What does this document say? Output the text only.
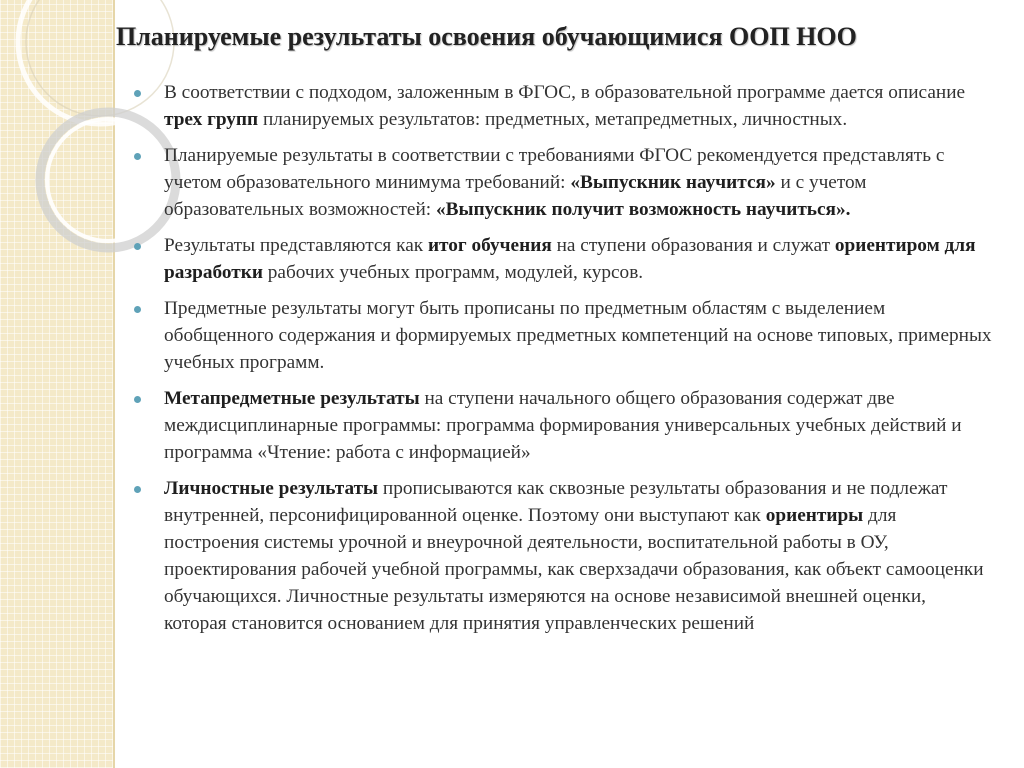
Планируемые результаты освоения обучающимися ООП НОО
В соответствии с подходом, заложенным в ФГОС, в образовательной программе дается описание трех групп планируемых результатов: предметных, метапредметных, личностных.
Планируемые результаты в соответствии с требованиями ФГОС рекомендуется представлять с учетом образовательного минимума требований: «Выпускник научится» и с учетом образовательных возможностей: «Выпускник получит возможность научиться».
Результаты представляются как итог обучения на ступени образования и служат ориентиром для разработки рабочих учебных программ, модулей, курсов.
Предметные результаты могут быть прописаны по предметным областям с выделением обобщенного содержания и формируемых предметных компетенций на основе типовых, примерных учебных программ.
Метапредметные результаты на ступени начального общего образования содержат две междисциплинарные программы: программа формирования универсальных учебных действий и программа «Чтение: работа с информацией»
Личностные результаты прописываются как сквозные результаты образования и не подлежат внутренней, персонифицированной оценке. Поэтому они выступают как ориентиры для построения системы урочной и внеурочной деятельности, воспитательной работы в ОУ, проектирования рабочей учебной программы, как сверхзадачи образования, как объект самооценки обучающихся. Личностные результаты измеряются на основе независимой внешней оценки, которая становится основанием для принятия управленческих решений
